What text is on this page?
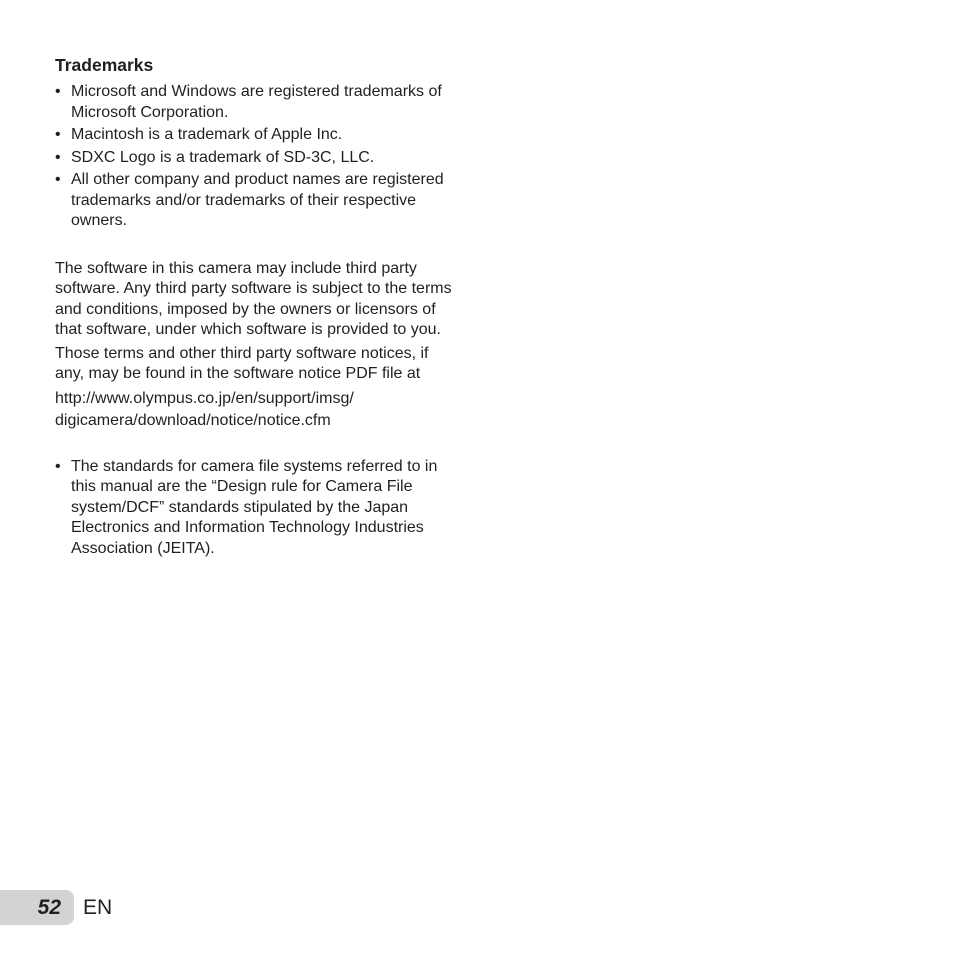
Trademarks
• Microsoft and Windows are registered trademarks of Microsoft Corporation.
• Macintosh is a trademark of Apple Inc.
• SDXC Logo is a trademark of SD-3C, LLC.
• All other company and product names are registered trademarks and/or trademarks of their respective owners.

The software in this camera may include third party software. Any third party software is subject to the terms and conditions, imposed by the owners or licensors of that software, under which software is provided to you.

Those terms and other third party software notices, if any, may be found in the software notice PDF file at

http://www.olympus.co.jp/en/support/imsg/

digicamera/download/notice/notice.cfm

• The standards for camera file systems referred to in this manual are the “Design rule for Camera File system/DCF” standards stipulated by the Japan Electronics and Information Technology Industries Association (JEITA).
52 EN
